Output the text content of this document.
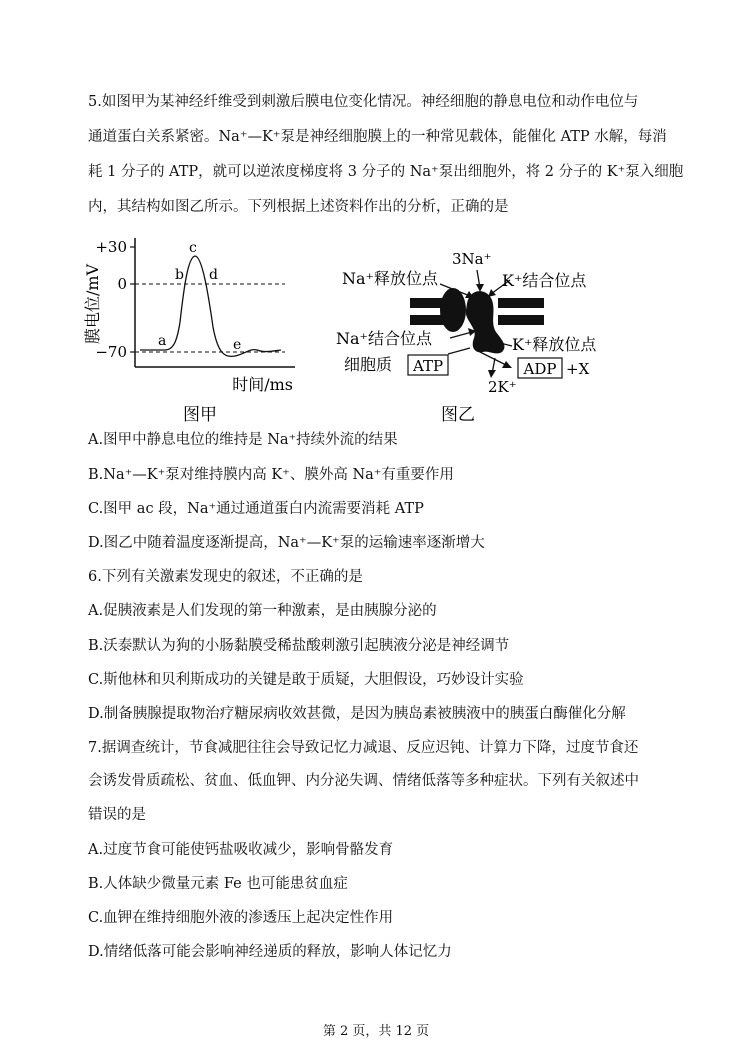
5.如图甲为某神经纤维受到刺激后膜电位变化情况。神经细胞的静息电位和动作电位与
通道蛋白关系紧密。Na⁺—K⁺泵是神经细胞膜上的一种常见载体，能催化 ATP 水解，每消
耗 1 分子的 ATP，就可以逆浓度梯度将 3 分子的 Na⁺泵出细胞外，将 2 分子的 K⁺泵入细胞
内，其结构如图乙所示。下列根据上述资料作出的分析，正确的是
+30
0
−70
膜电位/mV
时间/ms
a
b
c
d
e
图甲
3Na⁺
Na⁺释放位点	K⁺结合位点
Na⁺结合位点	K⁺释放位点
细胞质 ATP	ADP +X
2K⁺
图乙
A.图甲中静息电位的维持是 Na⁺持续外流的结果
B.Na⁺—K⁺泵对维持膜内高 K⁺、膜外高 Na⁺有重要作用
C.图甲 ac 段，Na⁺通过通道蛋白内流需要消耗 ATP
D.图乙中随着温度逐渐提高，Na⁺—K⁺泵的运输速率逐渐增大
6.下列有关激素发现史的叙述，不正确的是
A.促胰液素是人们发现的第一种激素，是由胰腺分泌的
B.沃泰默认为狗的小肠黏膜受稀盐酸刺激引起胰液分泌是神经调节
C.斯他林和贝利斯成功的关键是敢于质疑，大胆假设，巧妙设计实验
D.制备胰腺提取物治疗糖尿病收效甚微，是因为胰岛素被胰液中的胰蛋白酶催化分解
7.据调查统计，节食减肥往往会导致记忆力减退、反应迟钝、计算力下降，过度节食还
会诱发骨质疏松、贫血、低血钾、内分泌失调、情绪低落等多种症状。下列有关叙述中
错误的是
A.过度节食可能使钙盐吸收减少，影响骨骼发育
B.人体缺少微量元素 Fe 也可能患贫血症
C.血钾在维持细胞外液的渗透压上起决定性作用
D.情绪低落可能会影响神经递质的释放，影响人体记忆力
第 2 页，共 12 页
